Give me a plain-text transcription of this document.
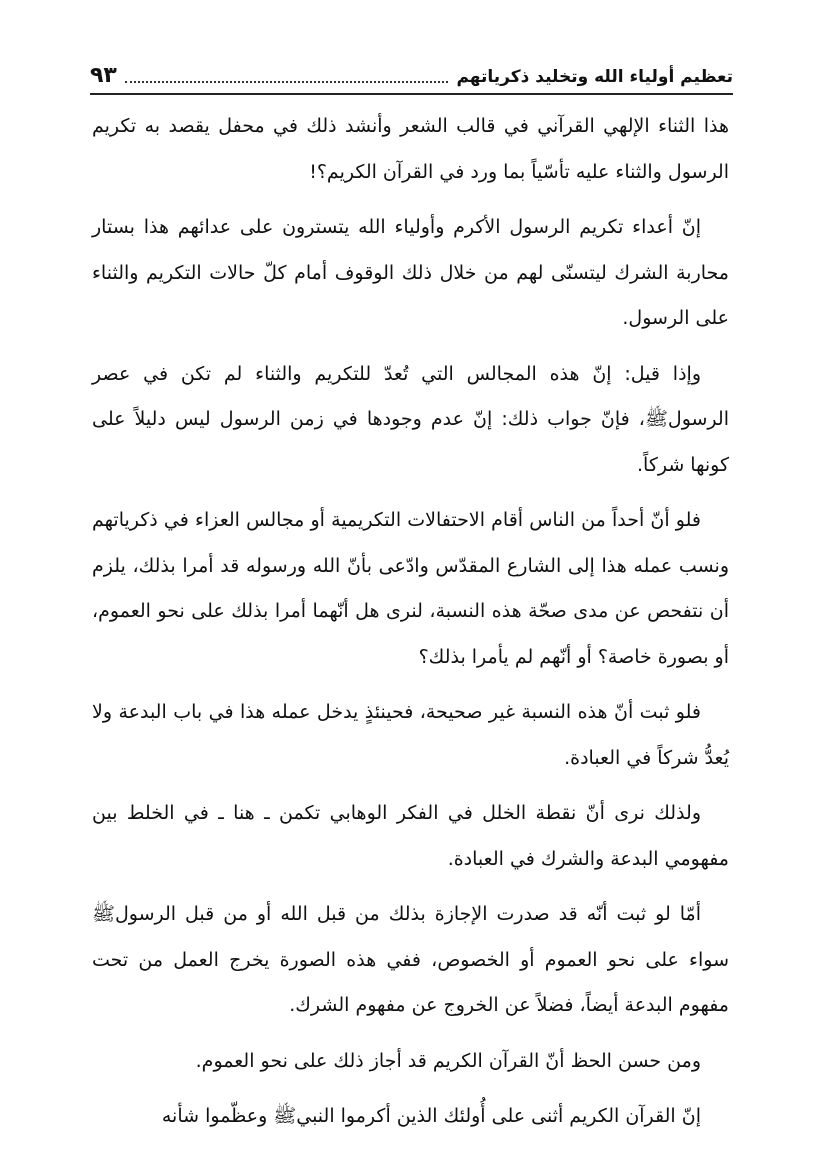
تعظيم أولياء الله وتخليد ذكرياتهم
٩٣

هذا الثناء الإلهي القرآني في قالب الشعر وأنشد ذلك في محفل يقصد به تكريم الرسول والثناء عليه تأسّياً بما ورد في القرآن الكريم؟!

إنّ أعداء تكريم الرسول الأكرم وأولياء الله يتسترون على عدائهم هذا بستار محاربة الشرك ليتسنّى لهم من خلال ذلك الوقوف أمام كلّ حالات التكريم والثناء على الرسول.

وإذا قيل: إنّ هذه المجالس التي تُعدّ للتكريم والثناء لم تكن في عصر الرسولﷺ، فإنّ جواب ذلك: إنّ عدم وجودها في زمن الرسول ليس دليلاً على كونها شركاً.

فلو أنّ أحداً من الناس أقام الاحتفالات التكريمية أو مجالس العزاء في ذكرياتهم ونسب عمله هذا إلى الشارع المقدّس وادّعى بأنّ الله ورسوله قد أمرا بذلك، يلزم أن نتفحص عن مدى صحّة هذه النسبة، لنرى هل أنّهما أمرا بذلك على نحو العموم، أو بصورة خاصة؟ أو أنّهم لم يأمرا بذلك؟

فلو ثبت أنّ هذه النسبة غير صحيحة، فحينئذٍ يدخل عمله هذا في باب البدعة ولا يُعدُّ شركاً في العبادة.

ولذلك نرى أنّ نقطة الخلل في الفكر الوهابي تكمن ـ هنا ـ في الخلط بين مفهومي البدعة والشرك في العبادة.

أمّا لو ثبت أنّه قد صدرت الإجازة بذلك من قبل الله أو من قبل الرسولﷺ سواء على نحو العموم أو الخصوص، ففي هذه الصورة يخرج العمل من تحت مفهوم البدعة أيضاً، فضلاً عن الخروج عن مفهوم الشرك.

ومن حسن الحظ أنّ القرآن الكريم قد أجاز ذلك على نحو العموم.

إنّ القرآن الكريم أثنى على أُولئك الذين أكرموا النبيﷺ وعظّموا شأنه
